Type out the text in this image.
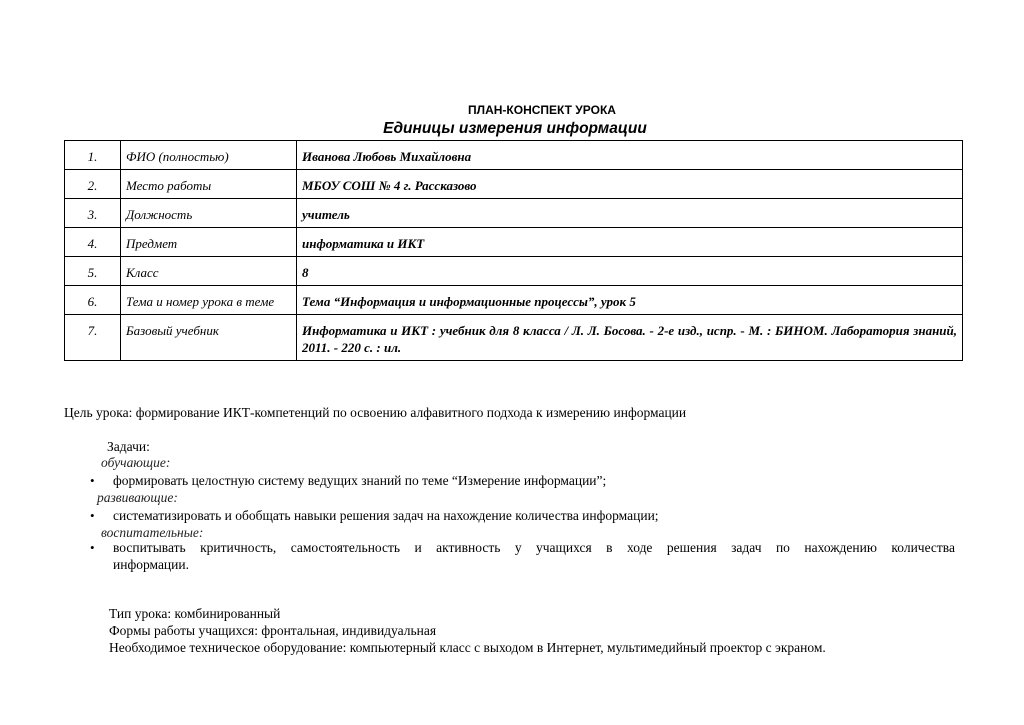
ПЛАН-КОНСПЕКТ УРОКА
Единицы измерения информации
1.	ФИО (полностью)	Иванова Любовь Михайловна
2.	Место работы	МБОУ СОШ № 4 г. Рассказово
3.	Должность	учитель
4.	Предмет	информатика и ИКТ
5.	Класс	8
6.	Тема и номер урока в теме	Тема “Информация и информационные процессы”, урок 5
7.	Базовый учебник	Информатика и ИКТ : учебник для 8 класса / Л. Л. Босова. - 2-е изд., испр. - М. : БИНОМ. Лаборатория знаний, 2011. - 220 с. : ил.
Цель урока: формирование ИКТ-компетенций по освоению алфавитного подхода к измерению информации
Задачи:
обучающие:
• формировать целостную систему ведущих знаний по теме “Измерение информации”;
развивающие:
• систематизировать и обобщать навыки решения задач на нахождение количества информации;
воспитательные:
• воспитывать критичность, самостоятельность и активность у учащихся в ходе решения задач по нахождению количества
информации.
Тип урока: комбинированный
Формы работы учащихся: фронтальная, индивидуальная
Необходимое техническое оборудование: компьютерный класс с выходом в Интернет, мультимедийный проектор с экраном.
